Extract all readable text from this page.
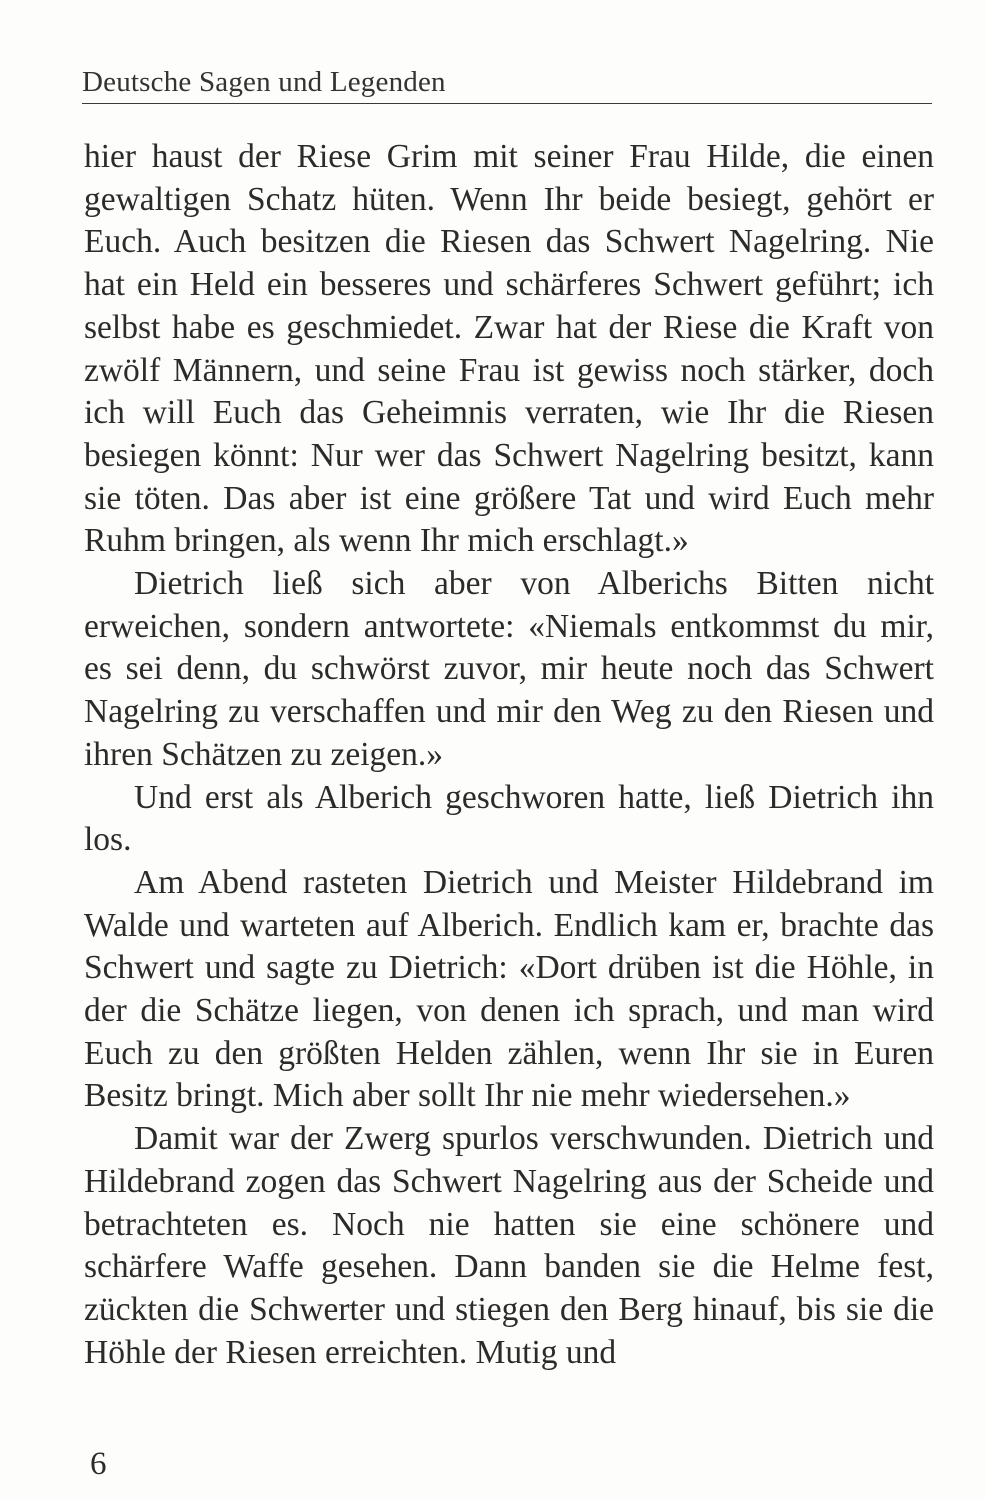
Deutsche Sagen und Legenden

hier haust der Riese Grim mit seiner Frau Hilde, die einen gewaltigen Schatz hüten. Wenn Ihr beide besiegt, gehört er Euch. Auch besitzen die Riesen das Schwert Nagelring. Nie hat ein Held ein besseres und schärferes Schwert geführt; ich selbst habe es geschmiedet. Zwar hat der Riese die Kraft von zwölf Männern, und seine Frau ist gewiss noch stärker, doch ich will Euch das Geheimnis verraten, wie Ihr die Riesen besiegen könnt: Nur wer das Schwert Nagelring besitzt, kann sie töten. Das aber ist eine größere Tat und wird Euch mehr Ruhm bringen, als wenn Ihr mich erschlagt.»

Dietrich ließ sich aber von Alberichs Bitten nicht erweichen, sondern antwortete: «Niemals entkommst du mir, es sei denn, du schwörst zuvor, mir heute noch das Schwert Nagelring zu verschaffen und mir den Weg zu den Riesen und ihren Schätzen zu zeigen.»

Und erst als Alberich geschworen hatte, ließ Dietrich ihn los.

Am Abend rasteten Dietrich und Meister Hildebrand im Walde und warteten auf Alberich. Endlich kam er, brachte das Schwert und sagte zu Dietrich: «Dort drüben ist die Höhle, in der die Schätze liegen, von denen ich sprach, und man wird Euch zu den größten Helden zählen, wenn Ihr sie in Euren Besitz bringt. Mich aber sollt Ihr nie mehr wiedersehen.»

Damit war der Zwerg spurlos verschwunden. Dietrich und Hildebrand zogen das Schwert Nagelring aus der Scheide und betrachteten es. Noch nie hatten sie eine schönere und schärfere Waffe gesehen. Dann banden sie die Helme fest, zückten die Schwerter und stiegen den Berg hinauf, bis sie die Höhle der Riesen erreichten. Mutig und

6
